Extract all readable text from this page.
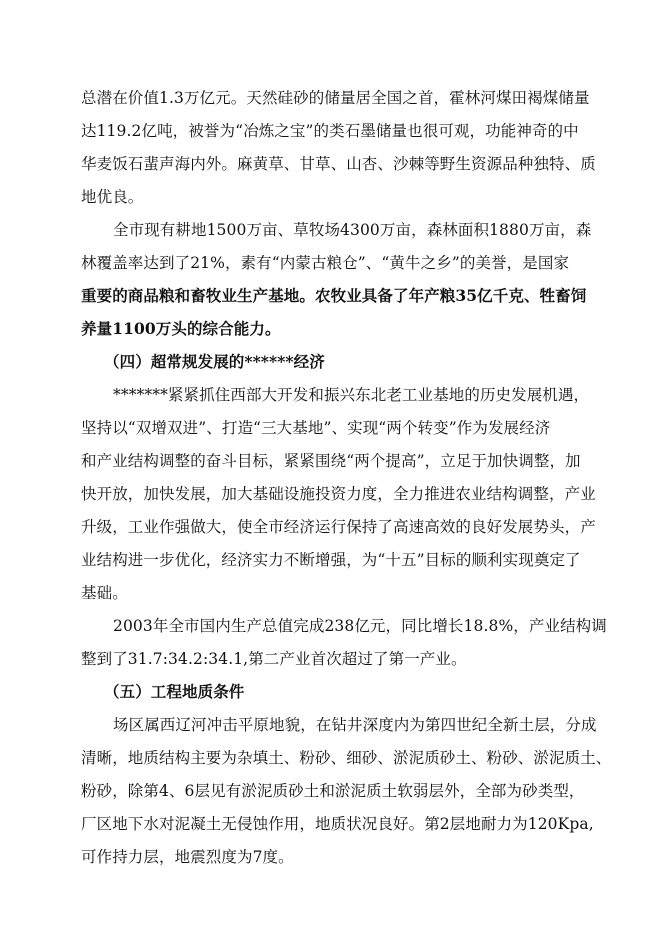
总潜在价值1.3万亿元。天然硅砂的储量居全国之首，霍林河煤田褐煤储量
达119.2亿吨，被誉为“冶炼之宝”的类石墨储量也很可观，功能神奇的中
华麦饭石蜚声海内外。麻黄草、甘草、山杏、沙棘等野生资源品种独特、质
地优良。
全市现有耕地1500万亩、草牧场4300万亩，森林面积1880万亩，森
林覆盖率达到了21%，素有“内蒙古粮仓”、“黄牛之乡”的美誉，是国家
重要的商品粮和畜牧业生产基地。农牧业具备了年产粮35亿千克、牲畜饲
养量1100万头的综合能力。
（四）超常规发展的******经济
*******紧紧抓住西部大开发和振兴东北老工业基地的历史发展机遇，
坚持以“双增双进”、打造“三大基地”、实现“两个转变”作为发展经济
和产业结构调整的奋斗目标，紧紧围绕“两个提高”，立足于加快调整，加
快开放，加快发展，加大基础设施投资力度，全力推进农业结构调整，产业
升级，工业作强做大，使全市经济运行保持了高速高效的良好发展势头，产
业结构进一步优化，经济实力不断增强，为“十五”目标的顺利实现奠定了
基础。
2003年全市国内生产总值完成238亿元，同比增长18.8%，产业结构调
整到了31.7:34.2:34.1,第二产业首次超过了第一产业。
（五）工程地质条件
场区属西辽河冲击平原地貌，在钻井深度内为第四世纪全新土层，分成
清晰，地质结构主要为杂填土、粉砂、细砂、淤泥质砂土、粉砂、淤泥质土、
粉砂，除第4、6层见有淤泥质砂土和淤泥质土软弱层外，全部为砂类型，
厂区地下水对泥凝土无侵蚀作用，地质状况良好。第2层地耐力为120Kpa,
可作持力层，地震烈度为7度。
